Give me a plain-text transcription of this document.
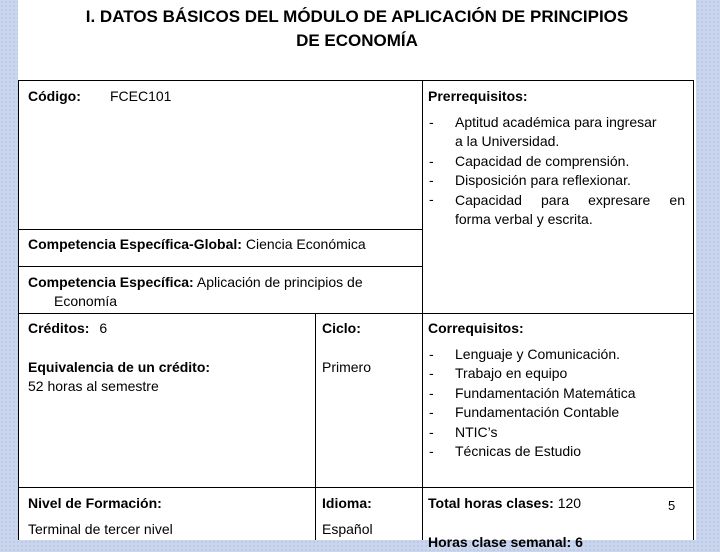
I. DATOS BÁSICOS DEL MÓDULO DE APLICACIÓN DE PRINCIPIOS
DE ECONOMÍA
Código: FCEC101	Prerrequisitos:
-
-
-
-
Aptitud académica para ingresar
a la Universidad.
Capacidad de comprensión.
Disposición para reflexionar.
Capacidad para expresare en
forma verbal y escrita.
Competencia Específica-Global: Ciencia Económica
Competencia Específica: Aplicación de principios de
Economía
Créditos: 6
Equivalencia de un crédito:
52 horas al semestre
Ciclo:
Primero
Correquisitos:
-
-
-
-
-
-
Lenguaje y Comunicación.
Trabajo en equipo
Fundamentación Matemática
Fundamentación Contable
NTIC’s
Técnicas de Estudio
Nivel de Formación:
Terminal de tercer nivel
Idioma:
Español
Total horas clases: 120	5
Horas clase semanal: 6
